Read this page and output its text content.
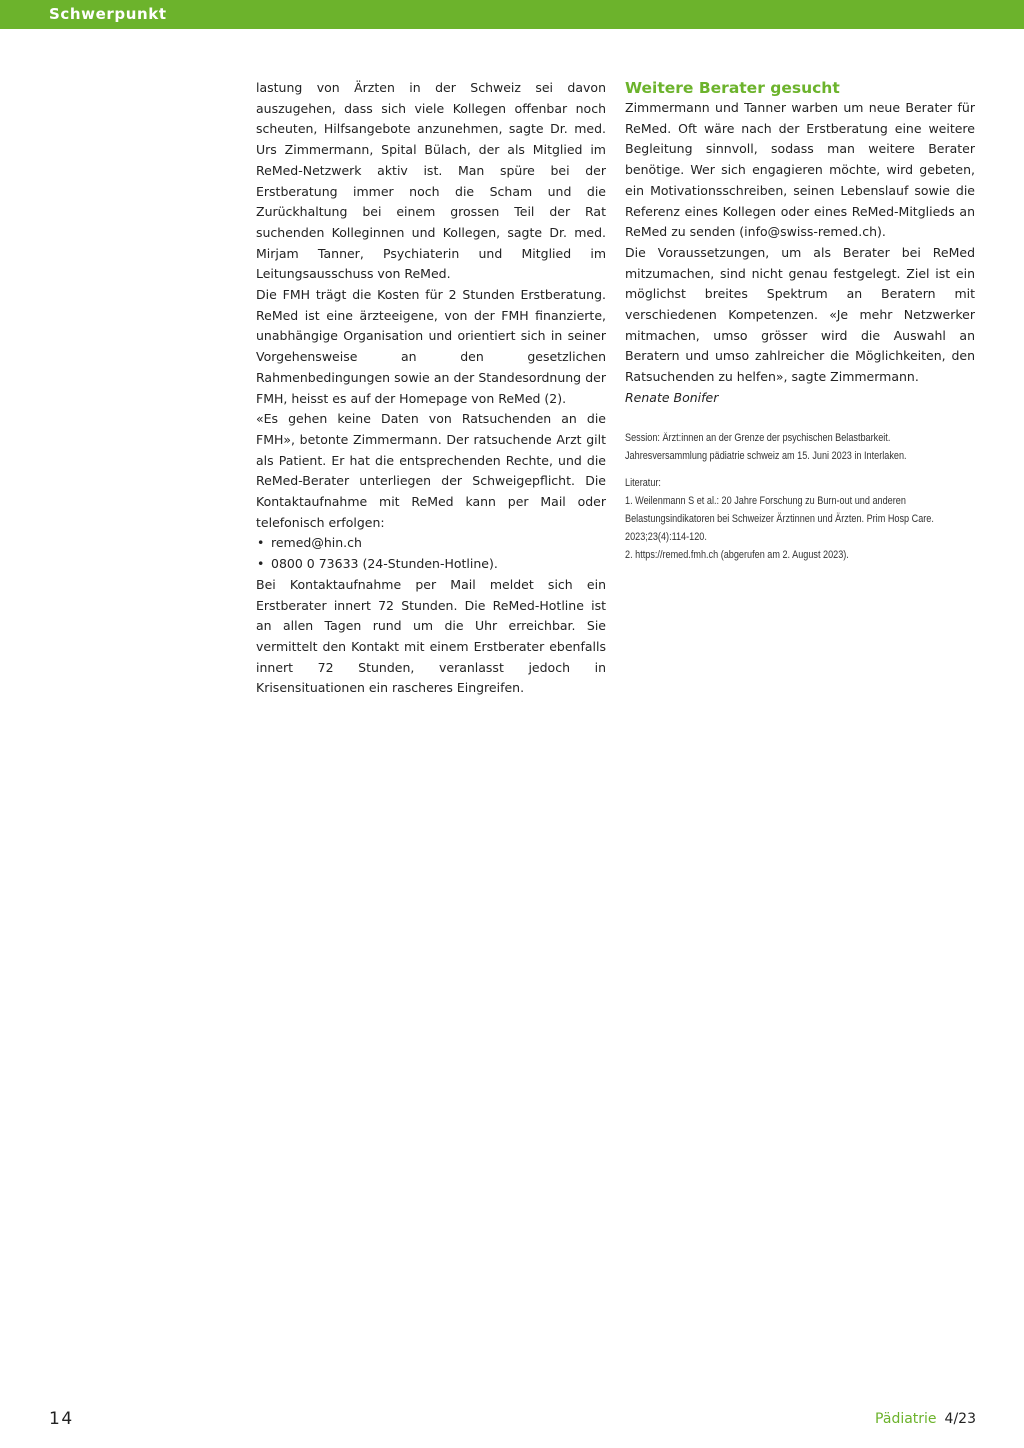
Schwerpunkt

lastung von Ärzten in der Schweiz sei davon auszugehen, dass sich viele Kollegen offenbar noch scheuten, Hilfsangebote anzunehmen, sagte Dr. med. Urs Zimmermann, Spital Bülach, der als Mitglied im ReMed-Netzwerk aktiv ist. Man spüre bei der Erstberatung immer noch die Scham und die Zurückhaltung bei einem grossen Teil der Rat suchenden Kolleginnen und Kollegen, sagte Dr. med. Mirjam Tanner, Psychiaterin und Mitglied im Leitungsausschuss von ReMed.

Die FMH trägt die Kosten für 2 Stunden Erstberatung. ReMed ist eine ärzteeigene, von der FMH finanzierte, unabhängige Organisation und orientiert sich in seiner Vorgehensweise an den gesetzlichen Rahmenbedingungen sowie an der Standesordnung der FMH, heisst es auf der Homepage von ReMed (2).

«Es gehen keine Daten von Ratsuchenden an die FMH», betonte Zimmermann. Der ratsuchende Arzt gilt als Patient. Er hat die entsprechenden Rechte, und die ReMed-Berater unterliegen der Schweigepflicht. Die Kontaktaufnahme mit ReMed kann per Mail oder telefonisch erfolgen:

• remed@hin.ch
• 0800 0 73633 (24-Stunden-Hotline).

Bei Kontaktaufnahme per Mail meldet sich ein Erstberater innert 72 Stunden. Die ReMed-Hotline ist an allen Tagen rund um die Uhr erreichbar. Sie vermittelt den Kontakt mit einem Erstberater ebenfalls innert 72 Stunden, veranlasst jedoch in Krisensituationen ein rascheres Eingreifen.

Weitere Berater gesucht

Zimmermann und Tanner warben um neue Berater für ReMed. Oft wäre nach der Erstberatung eine weitere Begleitung sinnvoll, sodass man weitere Berater benötige. Wer sich engagieren möchte, wird gebeten, ein Motivationsschreiben, seinen Lebenslauf sowie die Referenz eines Kollegen oder eines ReMed-Mitglieds an ReMed zu senden (info@swiss-remed.ch).

Die Voraussetzungen, um als Berater bei ReMed mitzumachen, sind nicht genau festgelegt. Ziel ist ein möglichst breites Spektrum an Beratern mit verschiedenen Kompetenzen. «Je mehr Netzwerker mitmachen, umso grösser wird die Auswahl an Beratern und umso zahlreicher die Möglichkeiten, den Ratsuchenden zu helfen», sagte Zimmermann.

Renate Bonifer

Session: Ärzt:innen an der Grenze der psychischen Belastbarkeit. Jahresversammlung pädiatrie schweiz am 15. Juni 2023 in Interlaken.

Literatur:

1. Weilenmann S et al.: 20 Jahre Forschung zu Burn-out und anderen Belastungsindikatoren bei Schweizer Ärztinnen und Ärzten. Prim Hosp Care. 2023;23(4):114-120.

2. https://remed.fmh.ch (abgerufen am 2. August 2023).

14	Pädiatrie 4/23
